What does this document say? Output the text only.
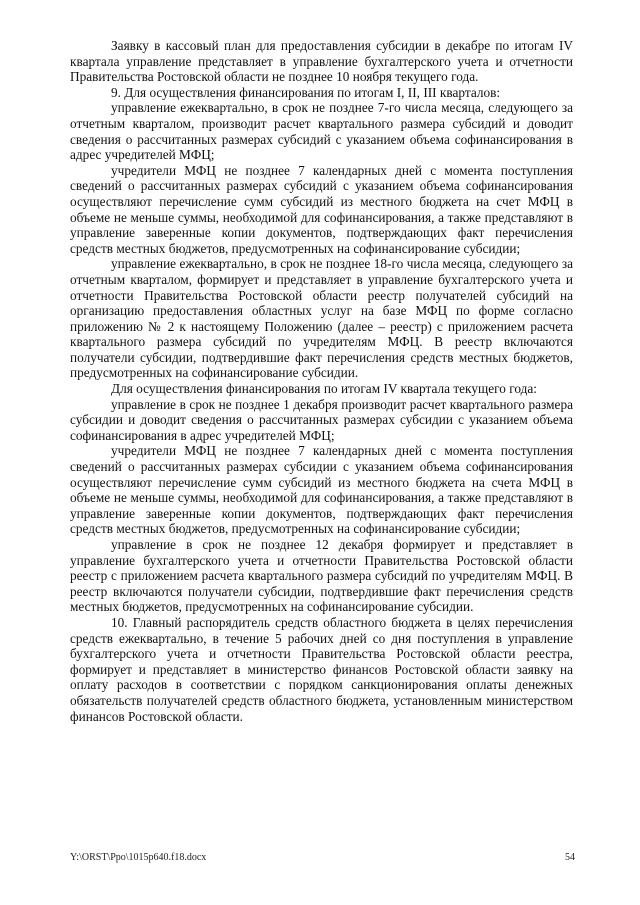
Заявку в кассовый план для предоставления субсидии в декабре по итогам IV квартала управление представляет в управление бухгалтерского учета и отчетности Правительства Ростовской области не позднее 10 ноября текущего года.

9. Для осуществления финансирования по итогам I, II, III кварталов:

управление ежеквартально, в срок не позднее 7-го числа месяца, следующего за отчетным кварталом, производит расчет квартального размера субсидий и доводит сведения о рассчитанных размерах субсидий с указанием объема софинансирования в адрес учредителей МФЦ;

учредители МФЦ не позднее 7 календарных дней с момента поступления сведений о рассчитанных размерах субсидий с указанием объема софинансирования осуществляют перечисление сумм субсидий из местного бюджета на счет МФЦ в объеме не меньше суммы, необходимой для софинансирования, а также представляют в управление заверенные копии документов, подтверждающих факт перечисления средств местных бюджетов, предусмотренных на софинансирование субсидии;

управление ежеквартально, в срок не позднее 18-го числа месяца, следующего за отчетным кварталом, формирует и представляет в управление бухгалтерского учета и отчетности Правительства Ростовской области реестр получателей субсидий на организацию предоставления областных услуг на базе МФЦ по форме согласно приложению № 2 к настоящему Положению (далее – реестр) с приложением расчета квартального размера субсидий по учредителям МФЦ. В реестр включаются получатели субсидии, подтвердившие факт перечисления средств местных бюджетов, предусмотренных на софинансирование субсидии.

Для осуществления финансирования по итогам IV квартала текущего года:

управление в срок не позднее 1 декабря производит расчет квартального размера субсидии и доводит сведения о рассчитанных размерах субсидии с указанием объема софинансирования в адрес учредителей МФЦ;

учредители МФЦ не позднее 7 календарных дней с момента поступления сведений о рассчитанных размерах субсидии с указанием объема софинансирования осуществляют перечисление сумм субсидий из местного бюджета на счета МФЦ в объеме не меньше суммы, необходимой для софинансирования, а также представляют в управление заверенные копии документов, подтверждающих факт перечисления средств местных бюджетов, предусмотренных на софинансирование субсидии;

управление в срок не позднее 12 декабря формирует и представляет в управление бухгалтерского учета и отчетности Правительства Ростовской области реестр с приложением расчета квартального размера субсидий по учредителям МФЦ. В реестр включаются получатели субсидии, подтвердившие факт перечисления средств местных бюджетов, предусмотренных на софинансирование субсидии.

10. Главный распорядитель средств областного бюджета в целях перечисления средств ежеквартально, в течение 5 рабочих дней со дня поступления в управление бухгалтерского учета и отчетности Правительства Ростовской области реестра, формирует и представляет в министерство финансов Ростовской области заявку на оплату расходов в соответствии с порядком санкционирования оплаты денежных обязательств получателей средств областного бюджета, установленным министерством финансов Ростовской области.

Y:\ORST\Ppo\1015p640.f18.docx	54
